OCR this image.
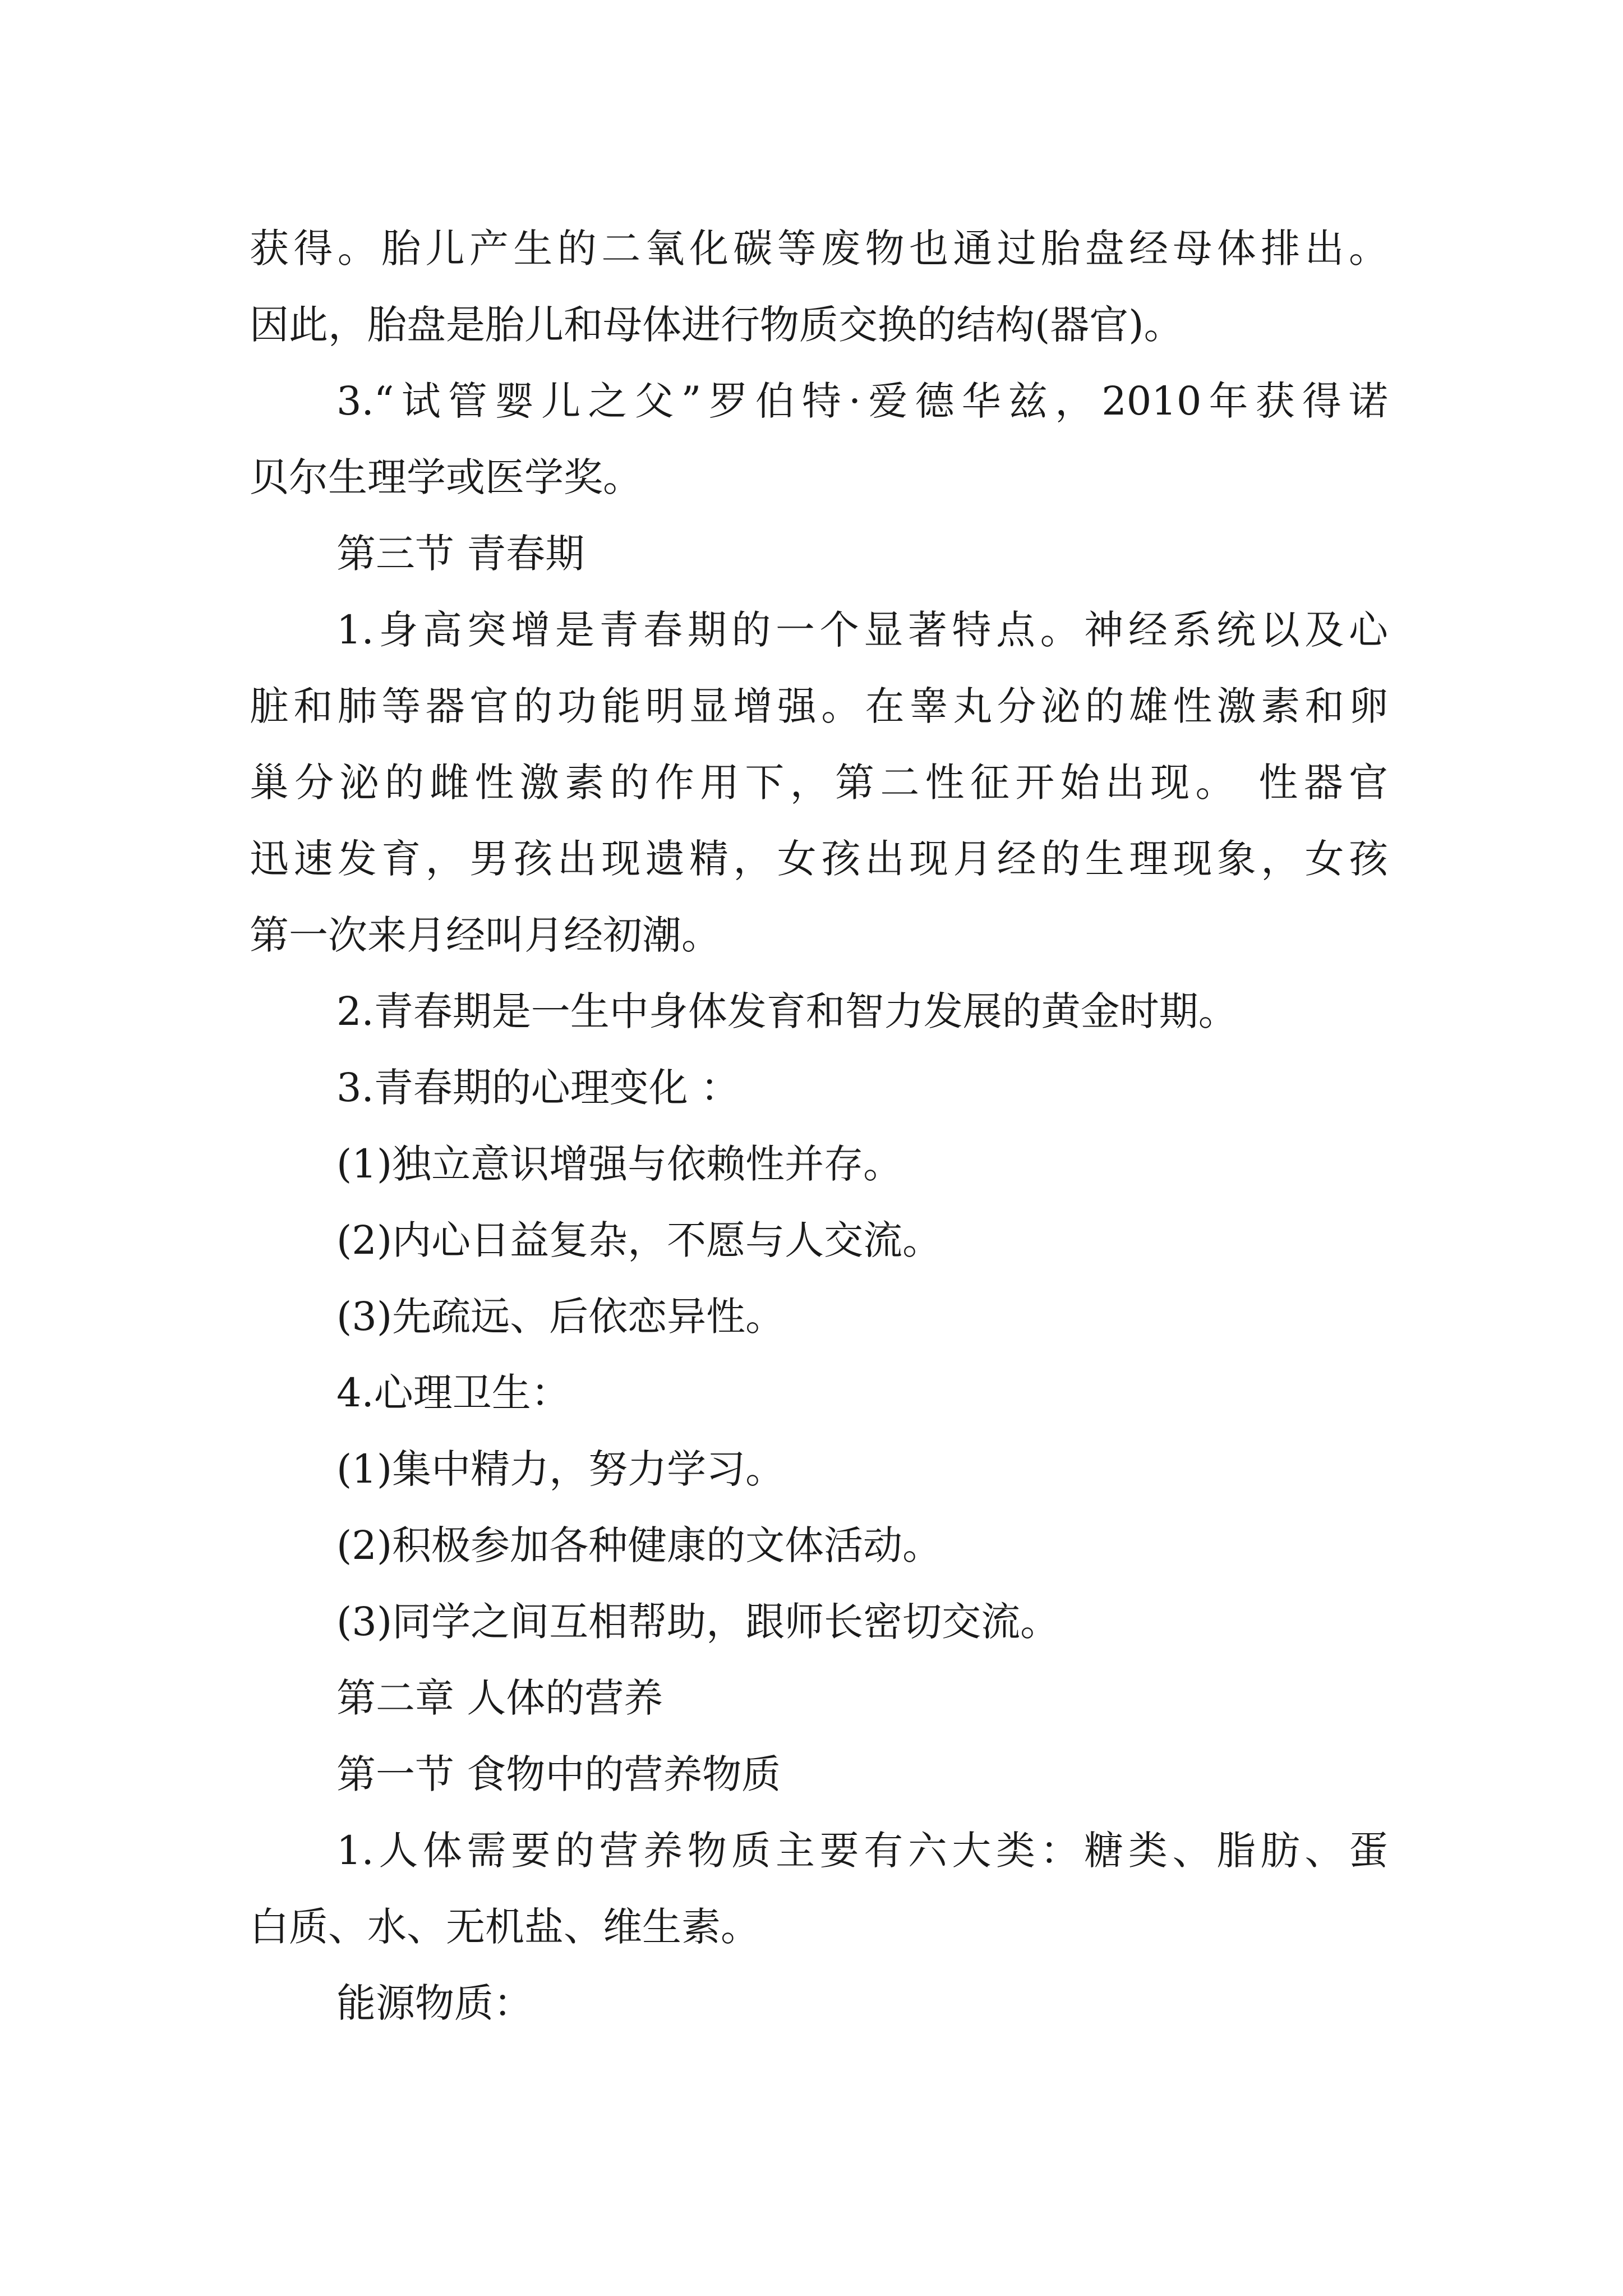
获得。胎儿产生的二氧化碳等废物也通过胎盘经母体排出。
因此，胎盘是胎儿和母体进行物质交换的结构(器官)。
3.“试管婴儿之父”罗伯特·爱德华兹，2010年获得诺
贝尔生理学或医学奖。
第三节 青春期
1.身高突增是青春期的一个显著特点。神经系统以及心
脏和肺等器官的功能明显增强。在睾丸分泌的雄性激素和卵
巢分泌的雌性激素的作用下，第二性征开始出现。 性器官
迅速发育，男孩出现遗精，女孩出现月经的生理现象，女孩
第一次来月经叫月经初潮。
2.青春期是一生中身体发育和智力发展的黄金时期。
3.青春期的心理变化 ：
(1)独立意识增强与依赖性并存。
(2)内心日益复杂，不愿与人交流。
(3)先疏远、后依恋异性。
4.心理卫生：
(1)集中精力，努力学习。
(2)积极参加各种健康的文体活动。
(3)同学之间互相帮助，跟师长密切交流。
第二章 人体的营养
第一节 食物中的营养物质
1.人体需要的营养物质主要有六大类：糖类、脂肪、蛋
白质、水、无机盐、维生素。
能源物质：
